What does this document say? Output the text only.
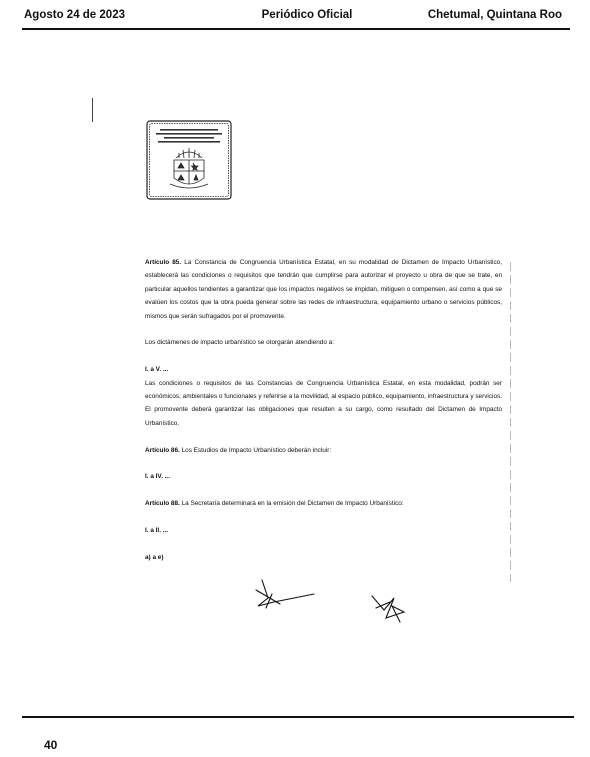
Agosto 24 de 2023	Periódico Oficial	Chetumal, Quintana Roo

Artículo 85. La Constancia de Congruencia Urbanística Estatal, en su modalidad de Dictamen de Impacto Urbanístico, establecerá las condiciones o requisitos que tendrán que cumplirse para autorizar el proyecto u obra de que se trate, en particular aquellos tendientes a garantizar que los impactos negativos se impidan, mitiguen o compensen, así como a que se evalúen los costos que la obra pueda generar sobre las redes de infraestructura, equipamiento urbano o servicios públicos, mismos que serán sufragados por el promovente.

Los dictámenes de impacto urbanístico se otorgarán atendiendo a:

I. a V. ...

Las condiciones o requisitos de las Constancias de Congruencia Urbanística Estatal, en esta modalidad, podrán ser económicos, ambientales o funcionales y referirse a la movilidad, al espacio público, equipamiento, infraestructura y servicios. El promovente deberá garantizar las obligaciones que resulten a su cargo, como resultado del Dictamen de Impacto Urbanístico.

Artículo 86. Los Estudios de Impacto Urbanístico deberán incluir:

I. a IV. ...

Artículo 88. La Secretaría determinará en la emisión del Dictamen de Impacto Urbanístico:

I. a II. ...

a) a e)

40
